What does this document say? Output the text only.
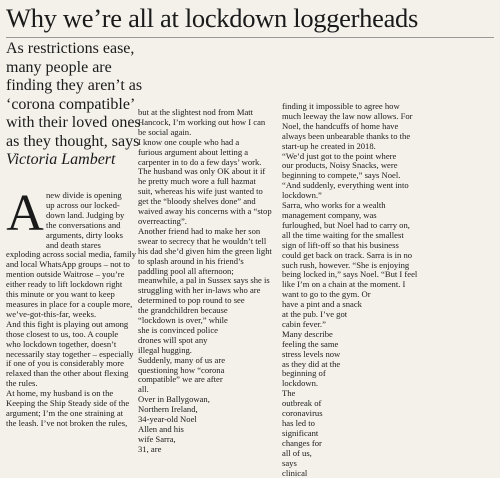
Why we’re all at lockdown loggerheads
As restrictions ease,
many people are
finding they aren’t as
‘corona compatible’
with their loved ones
as they thought, says
Victoria Lambert
A new divide is opening
up across our locked-
down land. Judging by
the conversations and
arguments, dirty looks
and death stares
exploding across social media, family
and local WhatsApp groups – not to
mention outside Waitrose – you’re
either ready to lift lockdown right
this minute or you want to keep
measures in place for a couple more,
we’ve-got-this-far, weeks.
And this fight is playing out among
those closest to us, too. A couple
who lockdown together, doesn’t
necessarily stay together – especially
if one of you is considerably more
relaxed than the other about flexing
the rules.
At home, my husband is on the
Keeping the Ship Steady side of the
argument; I’m the one straining at
the leash. I’ve not broken the rules,
but at the slightest nod from Matt
Hancock, I’m working out how I can
be social again.
I know one couple who had a
furious argument about letting a
carpenter in to do a few days’ work.
The husband was only OK about it if
he pretty much wore a full hazmat
suit, whereas his wife just wanted to
get the “bloody shelves done” and
waived away his concerns with a “stop
overreacting”.
Another friend had to make her son
swear to secrecy that he wouldn’t tell
his dad she’d given him the green light
to splash around in his friend’s
paddling pool all afternoon;
meanwhile, a pal in Sussex says she is
struggling with her in-laws who are
determined to pop round to see
the grandchildren because
“lockdown is over,” while
she is convinced police
drones will spot any
illegal hugging.
Suddenly, many of us are
questioning how “corona
compatible” we are after
all.
Over in Ballygowan,
Northern Ireland,
34-year-old Noel
Allen and his
wife Sarra,
31, are
finding it impossible to agree how
much leeway the law now allows. For
Noel, the handcuffs of home have
always been unbearable thanks to the
start-up he created in 2018.
“We’d just got to the point where
our products, Noisy Snacks, were
beginning to compete,” says Noel.
“And suddenly, everything went into
lockdown.”
Sarra, who works for a wealth
management company, was
furloughed, but Noel had to carry on,
all the time waiting for the smallest
sign of lift-off so that his business
could get back on track. Sarra is in no
such rush, however. “She is enjoying
being locked in,” says Noel. “But I feel
like I’m on a chain at the moment. I
want to go to the gym. Or
have a pint and a snack
at the pub. I’ve got
cabin fever.”
Many describe
feeling the same
stress levels now
as they did at the
beginning of
lockdown.
The
outbreak of
coronavirus
has led to
significant
changes for
all of us,
says
clinical
